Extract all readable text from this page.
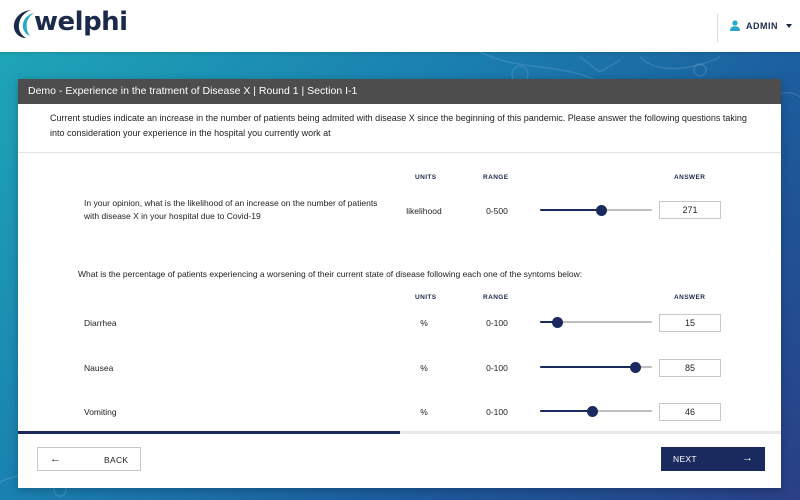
welphi	ADMIN
Demo - Experience in the tratment of Disease X | Round 1 | Section I-1
Current studies indicate an increase in the number of patients being admited with disease X since the beginning of this pandemic. Please answer the following questions taking into consideration your experience in the hospital you currently work at
UNITS	RANGE	ANSWER
In your opinion, what is the likelihood of an increase on the number of patients with disease X in your hospital due to Covid-19	likelihood	0-500	271
What is the percentage of patients experiencing a worsening of their current state of disease following each one of the syntoms below:
UNITS	RANGE	ANSWER
Diarrhea	%	0-100	15
Nausea	%	0-100	85
Vomiting	%	0-100	46
←	BACK	NEXT	→
